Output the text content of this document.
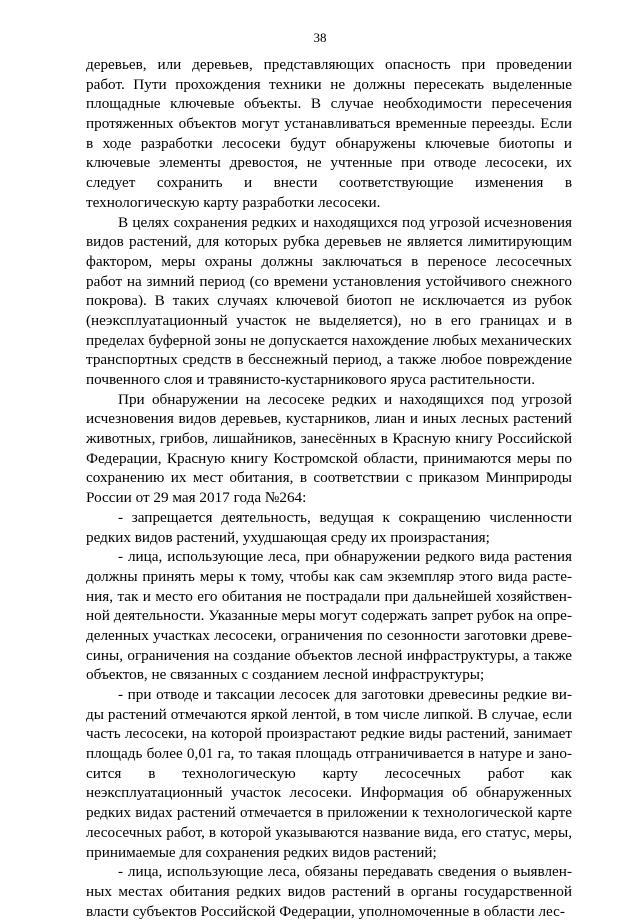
38

деревьев, или деревьев, представляющих опасность при проведении работ. Пути прохождения техники не должны пересекать выделенные площадные ключевые объекты. В случае необходимости пересечения протяженных объектов могут устанавливаться временные переезды. Если в ходе разработки лесосеки будут обнаружены ключевые биотопы и ключевые элементы древостоя, не учтенные при отводе лесосеки, их следует сохранить и внести соответствующие изменения в технологическую карту разработки лесосеки.

В целях сохранения редких и находящихся под угрозой исчезновения видов растений, для которых рубка деревьев не является лимитирующим фактором, меры охраны должны заключаться в переносе лесосечных работ на зимний период (со времени установления устойчивого снежного покрова). В таких случаях ключевой биотоп не исключается из рубок (неэксплуатационный участок не выделяется), но в его границах и в пределах буферной зоны не допускается нахождение любых механических транспортных средств в бесснежный период, а также любое повреждение почвенного слоя и травянисто-кустарникового яруса растительности.

При обнаружении на лесосеке редких и находящихся под угрозой исчезновения видов деревьев, кустарников, лиан и иных лесных растений животных, грибов, лишайников, занесённых в Красную книгу Российской Федерации, Красную книгу Костромской области, принимаются меры по сохранению их мест обитания, в соответствии с приказом Минприроды России от 29 мая 2017 года №264:

- запрещается деятельность, ведущая к сокращению численности редких видов растений, ухудшающая среду их произрастания;

- лица, использующие леса, при обнаружении редкого вида растения должны принять меры к тому, чтобы как сам экземпляр этого вида растения, так и место его обитания не пострадали при дальнейшей хозяйственной деятельности. Указанные меры могут содержать запрет рубок на определенных участках лесосеки, ограничения по сезонности заготовки древесины, ограничения на создание объектов лесной инфраструктуры, а также объектов, не связанных с созданием лесной инфраструктуры;

- при отводе и таксации лесосек для заготовки древесины редкие виды растений отмечаются яркой лентой, в том числе липкой. В случае, если часть лесосеки, на которой произрастают редкие виды растений, занимает площадь более 0,01 га, то такая площадь отграничивается в натуре и заносится в технологическую карту лесосечных работ как неэксплуатационный участок лесосеки. Информация об обнаруженных редких видах растений отмечается в приложении к технологической карте лесосечных работ, в которой указываются название вида, его статус, меры, принимаемые для сохранения редких видов растений;

- лица, использующие леса, обязаны передавать сведения о выявленных местах обитания редких видов растений в органы государственной власти субъектов Российской Федерации, уполномоченные в области лес-
